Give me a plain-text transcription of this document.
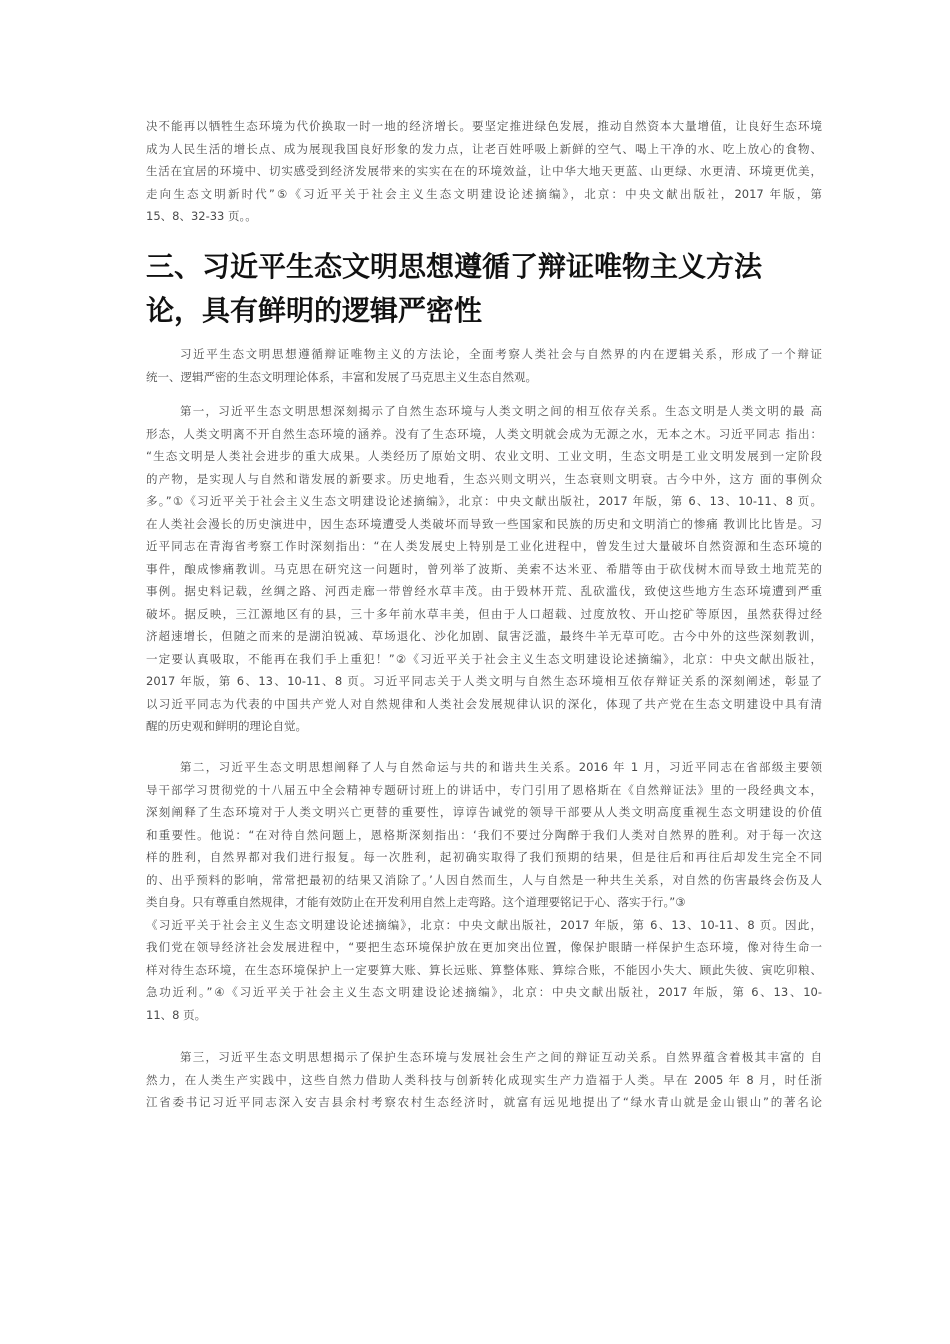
决不能再以牺牲生态环境为代价换取一时一地的经济增长。要坚定推进绿色发展，推动自然资本大量增值，让良好生态环境
成为人民生活的增长点、成为展现我国良好形象的发力点，让老百姓呼吸上新鲜的空气、喝上干净的水、吃上放心的食物、
生活在宜居的环境中、切实感受到经济发展带来的实实在在的环境效益，让中华大地天更蓝、山更绿、水更清、环境更优美，
走向生态文明新时代”⑤《习近平关于社会主义生态文明建设论述摘编》，北京：中央文献出版社，2017 年版，第
15、8、32-33 页。。
三、习近平生态文明思想遵循了辩证唯物主义方法
论，具有鲜明的逻辑严密性
习近平生态文明思想遵循辩证唯物主义的方法论，全面考察人类社会与自然界的内在逻辑关系，形成了一个辩证
统一、逻辑严密的生态文明理论体系，丰富和发展了马克思主义生态自然观。
第一，习近平生态文明思想深刻揭示了自然生态环境与人类文明之间的相互依存关系。生态文明是人类文明的最 高
形态，人类文明离不开自然生态环境的涵养。没有了生态环境，人类文明就会成为无源之水，无本之木。习近平同志 指出：
“生态文明是人类社会进步的重大成果。人类经历了原始文明、农业文明、工业文明，生态文明是工业文明发展到一定阶段
的产物，是实现人与自然和谐发展的新要求。历史地看，生态兴则文明兴，生态衰则文明衰。古今中外，这方 面的事例众
多。”①《习近平关于社会主义生态文明建设论述摘编》，北京：中央文献出版社，2017 年版，第 6、13、10-11、8 页。
在人类社会漫长的历史演进中，因生态环境遭受人类破坏而导致一些国家和民族的历史和文明消亡的惨痛 教训比比皆是。习
近平同志在青海省考察工作时深刻指出：“在人类发展史上特别是工业化进程中，曾发生过大量破坏自然资源和生态环境的
事件，酿成惨痛教训。马克思在研究这一问题时，曾列举了波斯、美索不达米亚、希腊等由于砍伐树木而导致土地荒芜的
事例。据史料记载，丝绸之路、河西走廊一带曾经水草丰茂。由于毁林开荒、乱砍滥伐，致使这些地方生态环境遭到严重
破坏。据反映，三江源地区有的县，三十多年前水草丰美，但由于人口超载、过度放牧、开山挖矿等原因，虽然获得过经
济超速增长，但随之而来的是湖泊锐减、草场退化、沙化加剧、鼠害泛滥，最终牛羊无草可吃。古今中外的这些深刻教训，
一定要认真吸取，不能再在我们手上重犯！”②《习近平关于社会主义生态文明建设论述摘编》，北京：中央文献出版社，
2017 年版，第 6、13、10-11、8 页。习近平同志关于人类文明与自然生态环境相互依存辩证关系的深刻阐述，彰显了
以习近平同志为代表的中国共产党人对自然规律和人类社会发展规律认识的深化，体现了共产党在生态文明建设中具有清
醒的历史观和鲜明的理论自觉。
第二，习近平生态文明思想阐释了人与自然命运与共的和谐共生关系。2016 年 1 月，习近平同志在省部级主要领
导干部学习贯彻党的十八届五中全会精神专题研讨班上的讲话中，专门引用了恩格斯在《自然辩证法》里的一段经典文本，
深刻阐释了生态环境对于人类文明兴亡更替的重要性，谆谆告诫党的领导干部要从人类文明高度重视生态文明建设的价值
和重要性。他说：“在对待自然问题上，恩格斯深刻指出：‘我们不要过分陶醉于我们人类对自然界的胜利。对于每一次这
样的胜利，自然界都对我们进行报复。每一次胜利，起初确实取得了我们预期的结果，但是往后和再往后却发生完全不同
的、出乎预料的影响，常常把最初的结果又消除了。’人因自然而生，人与自然是一种共生关系，对自然的伤害最终会伤及人
类自身。只有尊重自然规律，才能有效防止在开发利用自然上走弯路。这个道理要铭记于心、落实于行。”③
《习近平关于社会主义生态文明建设论述摘编》，北京：中央文献出版社，2017 年版，第 6、13、10-11、8 页。因此，
我们党在领导经济社会发展进程中，“要把生态环境保护放在更加突出位置，像保护眼睛一样保护生态环境，像对待生命一
样对待生态环境，在生态环境保护上一定要算大账、算长远账、算整体账、算综合账，不能因小失大、顾此失彼、寅吃卯粮、
急功近利。”④《习近平关于社会主义生态文明建设论述摘编》，北京：中央文献出版社，2017 年版，第 6、13、10-
11、8 页。
第三，习近平生态文明思想揭示了保护生态环境与发展社会生产之间的辩证互动关系。自然界蕴含着极其丰富的 自
然力，在人类生产实践中，这些自然力借助人类科技与创新转化成现实生产力造福于人类。早在 2005 年 8 月，时任浙
江省委书记习近平同志深入安吉县余村考察农村生态经济时，就富有远见地提出了“绿水青山就是金山银山”的著名论
